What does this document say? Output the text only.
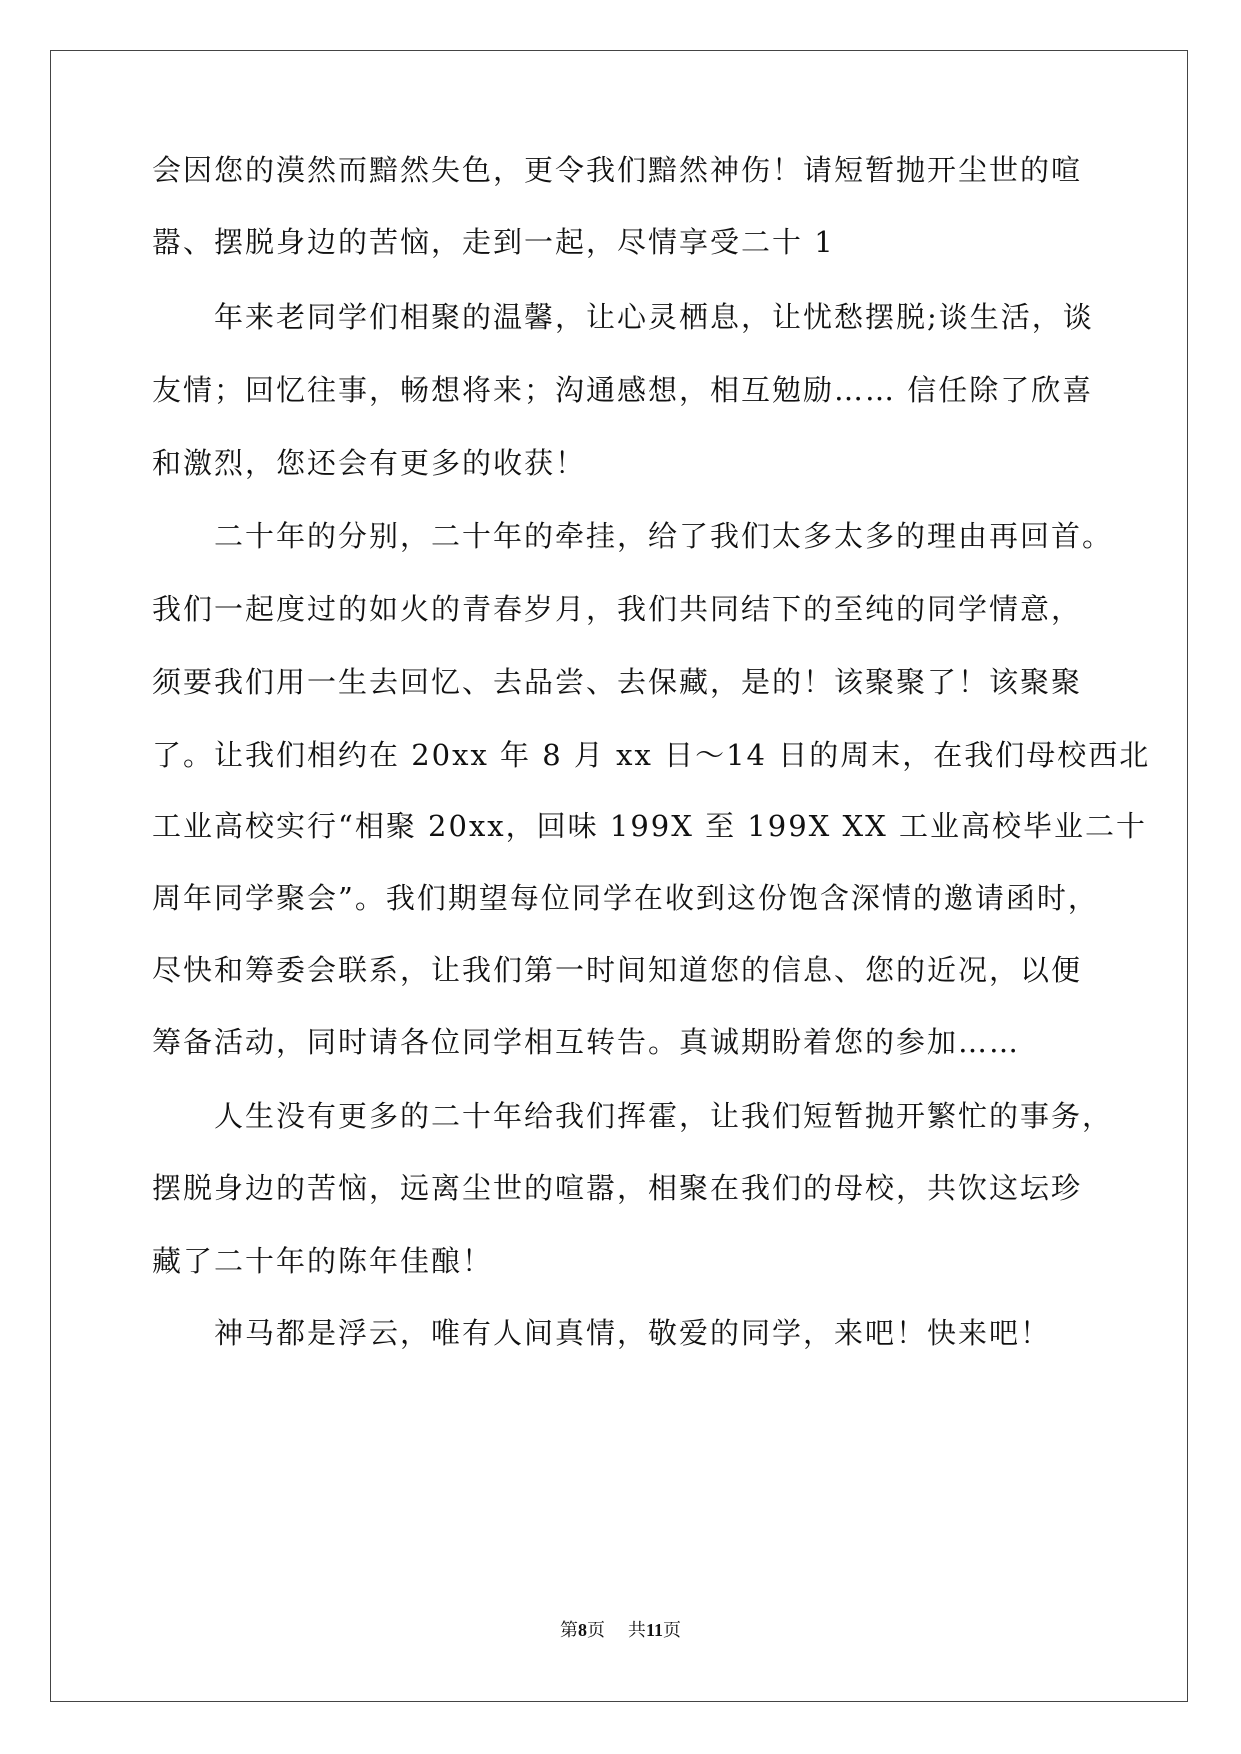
会因您的漠然而黯然失色，更令我们黯然神伤！请短暂抛开尘世的喧
嚣、摆脱身边的苦恼，走到一起，尽情享受二十 1
年来老同学们相聚的温馨，让心灵栖息，让忧愁摆脱;谈生活，谈
友情；回忆往事，畅想将来；沟通感想，相互勉励…… 信任除了欣喜
和激烈，您还会有更多的收获！
二十年的分别，二十年的牵挂，给了我们太多太多的理由再回首。
我们一起度过的如火的青春岁月，我们共同结下的至纯的同学情意，
须要我们用一生去回忆、去品尝、去保藏，是的！该聚聚了！该聚聚
了。让我们相约在 20xx 年 8 月 xx 日～14 日的周末，在我们母校西北
工业高校实行“相聚 20xx，回味 199X 至 199X XX 工业高校毕业二十
周年同学聚会”。我们期望每位同学在收到这份饱含深情的邀请函时，
尽快和筹委会联系，让我们第一时间知道您的信息、您的近况，以便
筹备活动，同时请各位同学相互转告。真诚期盼着您的参加……
人生没有更多的二十年给我们挥霍，让我们短暂抛开繁忙的事务，
摆脱身边的苦恼，远离尘世的喧嚣，相聚在我们的母校，共饮这坛珍
藏了二十年的陈年佳酿！
神马都是浮云，唯有人间真情，敬爱的同学，来吧！快来吧！
第8页    共11页
